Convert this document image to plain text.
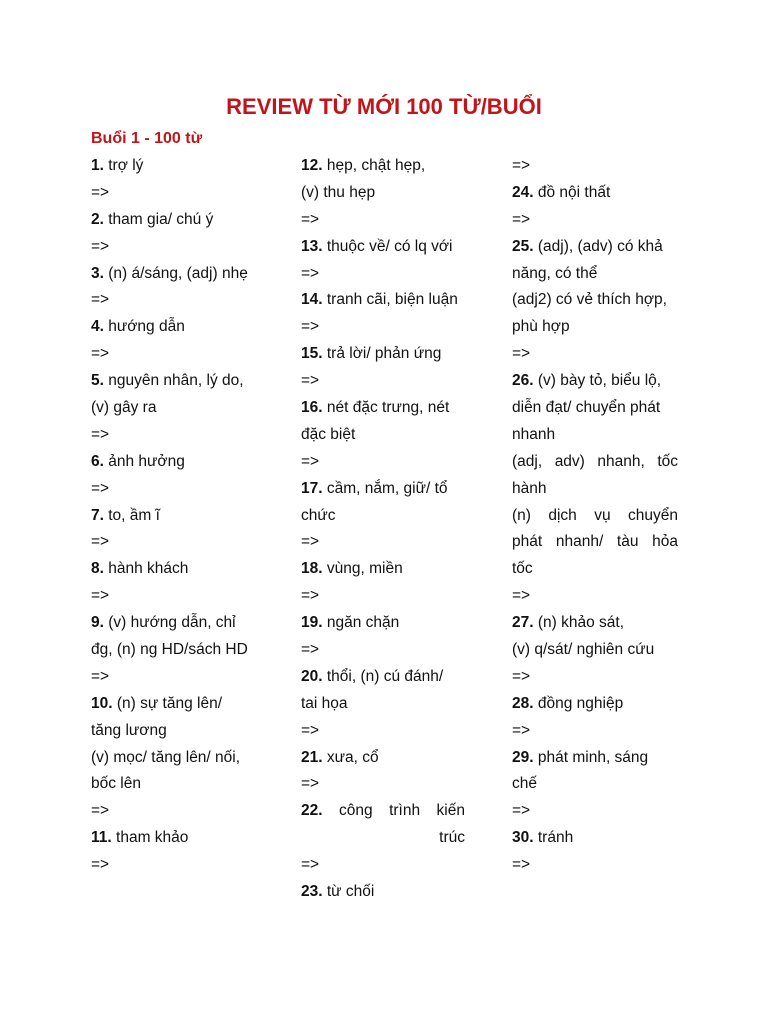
REVIEW TỪ MỚI 100 TỪ/BUỔI
Buổi 1 - 100 từ
1. trợ lý
=>
2. tham gia/ chú ý
=>
3. (n) á/sáng, (adj) nhẹ
=>
4. hướng dẫn
=>
5. nguyên nhân, lý do,
(v) gây ra
=>
6. ảnh hưởng
=>
7. to, ầm ĩ
=>
8. hành khách
=>
9. (v) hướng dẫn, chỉ
đg, (n) ng HD/sách HD
=>
10. (n) sự tăng lên/
tăng lương
(v) mọc/ tăng lên/ nối,
bốc lên
=>
11. tham khảo
=>
12. hẹp, chật hẹp,
(v) thu hẹp
=>
13. thuộc về/ có lq với
=>
14. tranh cãi, biện luận
=>
15. trả lời/ phản ứng
=>
16. nét đặc trưng, nét
đặc biệt
=>
17. cầm, nắm, giữ/ tổ
chức
=>
18. vùng, miền
=>
19. ngăn chặn
=>
20. thổi, (n) cú đánh/
tai họa
=>
21. xưa, cổ
=>
22. công trình kiến
trúc
=>
23. từ chối
=>
24. đồ nội thất
=>
25. (adj), (adv) có khả
năng, có thể
(adj2) có vẻ thích hợp,
phù hợp
=>
26. (v) bày tỏ, biểu lộ,
diễn đạt/ chuyển phát
nhanh
(adj, adv) nhanh, tốc
hành
(n) dịch vụ chuyển
phát nhanh/ tàu hỏa
tốc
=>
27. (n) khảo sát,
(v) q/sát/ nghiên cứu
=>
28. đồng nghiệp
=>
29. phát minh, sáng
chế
=>
30. tránh
=>
